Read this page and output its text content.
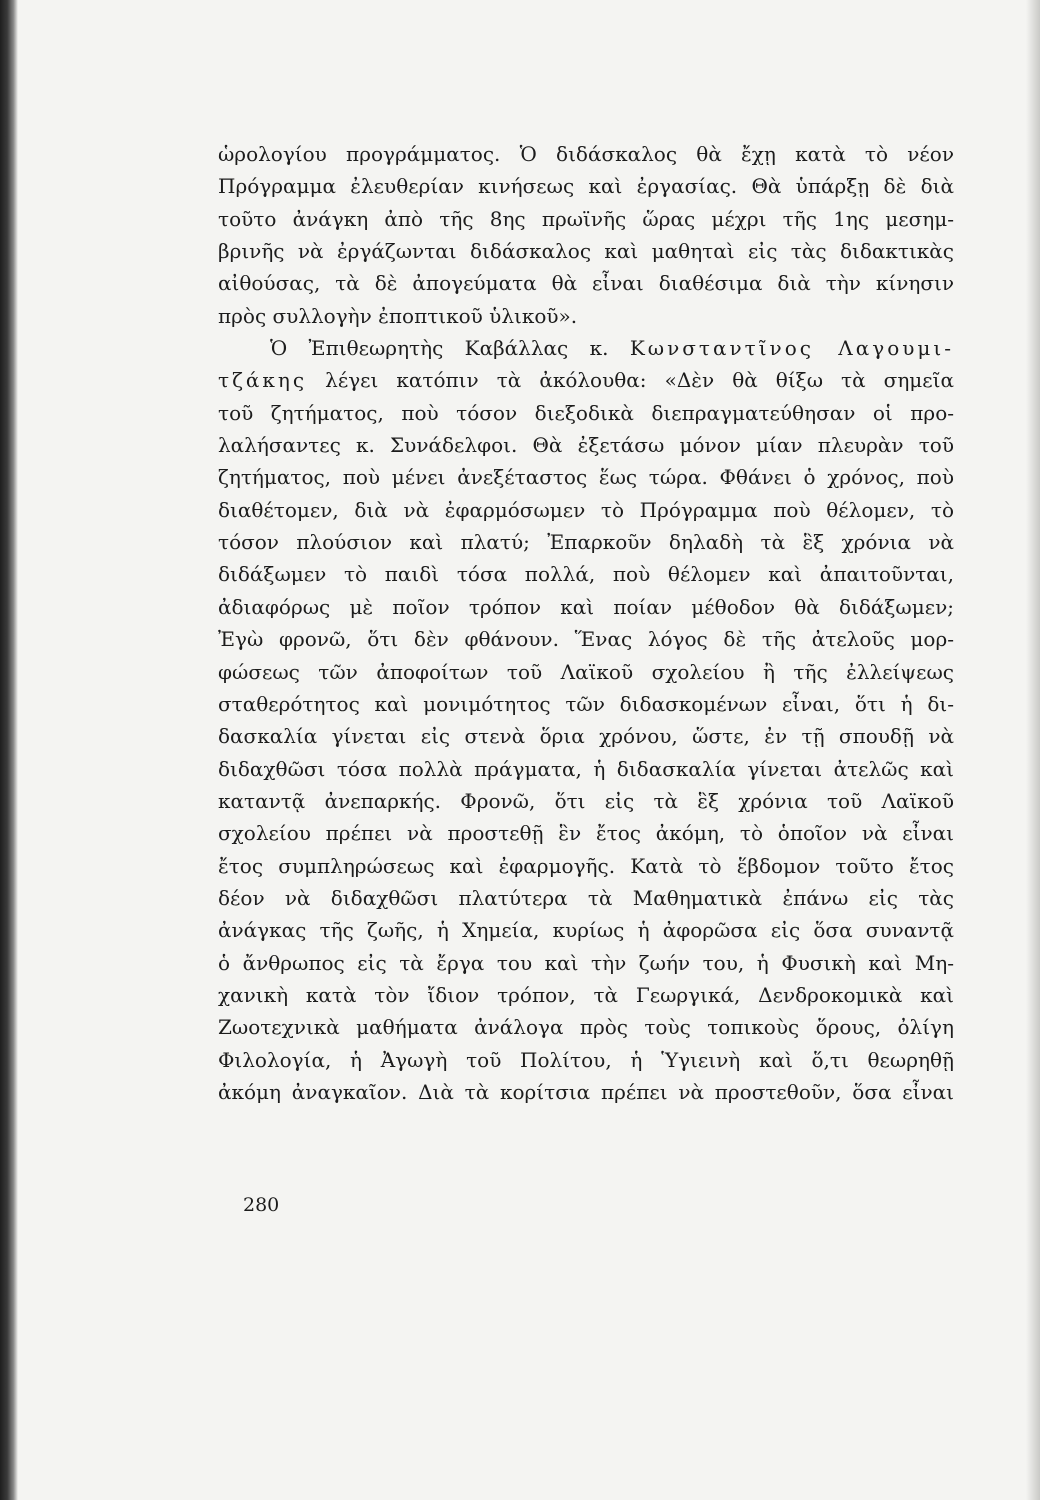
ὡρολογίου προγράμματος. Ὁ διδάσκαλος θὰ ἔχῃ κατὰ τὸ νέον
Πρόγραμμα ἐλευθερίαν κινήσεως καὶ ἐργασίας. Θὰ ὑπάρξῃ δὲ διὰ
τοῦτο ἀνάγκη ἀπὸ τῆς 8ης πρωϊνῆς ὥρας μέχρι τῆς 1ης μεσημ-
βρινῆς νὰ ἐργάζωνται διδάσκαλος καὶ μαθηταὶ εἰς τὰς διδακτικὰς
αἰθούσας, τὰ δὲ ἀπογεύματα θὰ εἶναι διαθέσιμα διὰ τὴν κίνησιν
πρὸς συλλογὴν ἐποπτικοῦ ὑλικοῦ».
Ὁ Ἐπιθεωρητὴς Καβάλλας κ. Κωνσταντῖνος Λαγουμι-
τζάκης λέγει κατόπιν τὰ ἀκόλουθα: «Δὲν θὰ θίξω τὰ σημεῖα
τοῦ ζητήματος, ποὺ τόσον διεξοδικὰ διεπραγματεύθησαν οἱ προ-
λαλήσαντες κ. Συνάδελφοι. Θὰ ἐξετάσω μόνον μίαν πλευρὰν τοῦ
ζητήματος, ποὺ μένει ἀνεξέταστος ἕως τώρα. Φθάνει ὁ χρόνος, ποὺ
διαθέτομεν, διὰ νὰ ἐφαρμόσωμεν τὸ Πρόγραμμα ποὺ θέλομεν, τὸ
τόσον πλούσιον καὶ πλατύ; Ἐπαρκοῦν δηλαδὴ τὰ ἓξ χρόνια νὰ
διδάξωμεν τὸ παιδὶ τόσα πολλά, ποὺ θέλομεν καὶ ἀπαιτοῦνται,
ἀδιαφόρως μὲ ποῖον τρόπον καὶ ποίαν μέθοδον θὰ διδάξωμεν;
Ἐγὼ φρονῶ, ὅτι δὲν φθάνουν. Ἕνας λόγος δὲ τῆς ἀτελοῦς μορ-
φώσεως τῶν ἀποφοίτων τοῦ Λαϊκοῦ σχολείου ἢ τῆς ἐλλείψεως
σταθερότητος καὶ μονιμότητος τῶν διδασκομένων εἶναι, ὅτι ἡ δι-
δασκαλία γίνεται εἰς στενὰ ὅρια χρόνου, ὥστε, ἐν τῇ σπουδῇ νὰ
διδαχθῶσι τόσα πολλὰ πράγματα, ἡ διδασκαλία γίνεται ἀτελῶς καὶ
καταντᾷ ἀνεπαρκής. Φρονῶ, ὅτι εἰς τὰ ἓξ χρόνια τοῦ Λαϊκοῦ
σχολείου πρέπει νὰ προστεθῇ ἓν ἔτος ἀκόμη, τὸ ὁποῖον νὰ εἶναι
ἔτος συμπληρώσεως καὶ ἐφαρμογῆς. Κατὰ τὸ ἕβδομον τοῦτο ἔτος
δέον νὰ διδαχθῶσι πλατύτερα τὰ Μαθηματικὰ ἐπάνω εἰς τὰς
ἀνάγκας τῆς ζωῆς, ἡ Χημεία, κυρίως ἡ ἀφορῶσα εἰς ὅσα συναντᾷ
ὁ ἄνθρωπος εἰς τὰ ἔργα του καὶ τὴν ζωήν του, ἡ Φυσικὴ καὶ Μη-
χανικὴ κατὰ τὸν ἴδιον τρόπον, τὰ Γεωργικά, Δενδροκομικὰ καὶ
Ζωοτεχνικὰ μαθήματα ἀνάλογα πρὸς τοὺς τοπικοὺς ὅρους, ὀλίγη
Φιλολογία, ἡ Ἀγωγὴ τοῦ Πολίτου, ἡ Ὑγιεινὴ καὶ ὅ,τι θεωρηθῇ
ἀκόμη ἀναγκαῖον. Διὰ τὰ κορίτσια πρέπει νὰ προστεθοῦν, ὅσα εἶναι
280
